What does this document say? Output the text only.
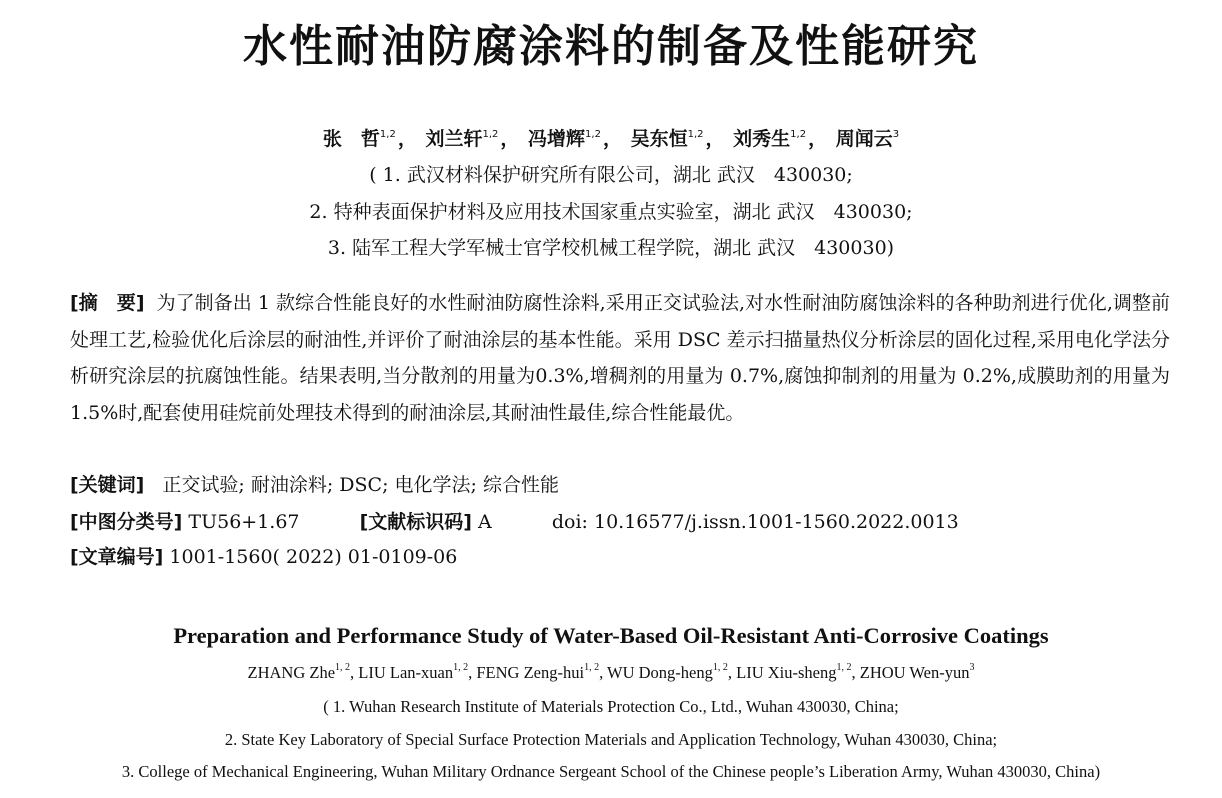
水性耐油防腐涂料的制备及性能研究
张　哲$^{1,2}$ ， 刘兰轩$^{1,2}$ ， 冯增辉$^{1,2}$ ， 吴东恒$^{1,2}$ ， 刘秀生$^{1,2}$ ， 周闻云$^3$
( 1. 武汉材料保护研究所有限公司，湖北 武汉　430030;
2. 特种表面保护材料及应用技术国家重点实验室，湖北 武汉　430030;
3. 陆军工程大学军械士官学校机械工程学院，湖北 武汉　430030)
[摘　要] 为了制备出 1 款综合性能良好的水性耐油防腐性涂料,采用正交试验法,对水性耐油防腐蚀涂料的各种助剂进行优化,调整前处理工艺,检验优化后涂层的耐油性,并评价了耐油涂层的基本性能。采用 DSC 差示扫描量热仪分析涂层的固化过程,采用电化学法分析研究涂层的抗腐蚀性能。结果表明,当分散剂的用量为0.3%,增稠剂的用量为 0.7%,腐蚀抑制剂的用量为 0.2%,成膜助剂的用量为 1.5%时,配套使用硅烷前处理技术得到的耐油涂层,其耐油性最佳,综合性能最优。
[关键词] 正交试验; 耐油涂料; DSC; 电化学法; 综合性能
[中图分类号] TU56+1.67	[文献标识码] A	doi: 10.16577/j.issn.1001-1560.2022.0013
[文章编号] 1001-1560( 2022) 01-0109-06
Preparation and Performance Study of Water-Based Oil-Resistant Anti-Corrosive Coatings
ZHANG Zhe$^{1, 2}$, LIU Lan-xuan$^{1, 2}$, FENG Zeng-hui$^{1, 2}$, WU Dong-heng$^{1, 2}$, LIU Xiu-sheng$^{1, 2}$, ZHOU Wen-yun$^3$
( 1. Wuhan Research Institute of Materials Protection Co., Ltd., Wuhan 430030, China;
2. State Key Laboratory of Special Surface Protection Materials and Application Technology, Wuhan 430030, China;
3. College of Mechanical Engineering, Wuhan Military Ordnance Sergeant School of the Chinese people’s Liberation Army, Wuhan 430030, China)
